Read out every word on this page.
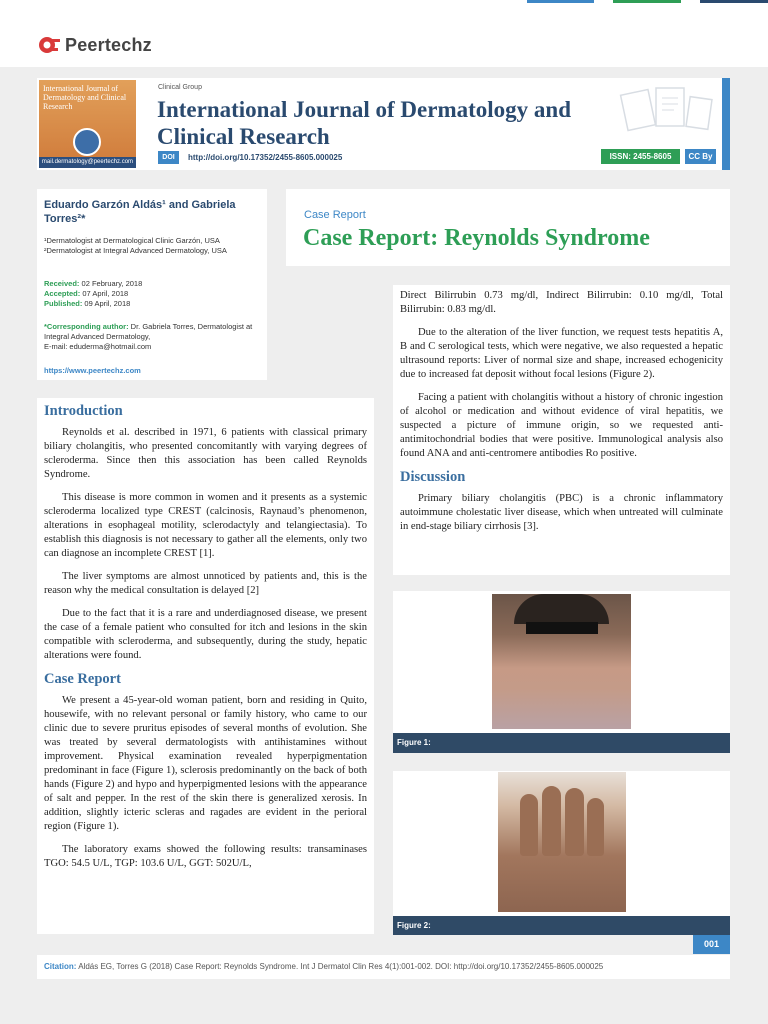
Peertechz
International Journal of Dermatology and Clinical Research
mail.dermatology@peertechz.com
Clinical Group
International Journal of Dermatology and Clinical Research
DOI	http://doi.org/10.17352/2455-8605.000025	ISSN: 2455-8605	CC By
Eduardo Garzón Aldás¹ and Gabriela Torres²*
¹Dermatologist at Dermatological Clinic Garzón, USA
²Dermatologist at Integral Advanced Dermatology, USA
Received: 02 February, 2018
Accepted: 07 April, 2018
Published: 09 April, 2018
*Corresponding author: Dr. Gabriela Torres, Dermatologist at Integral Advanced Dermatology,
E-mail: eduderma@hotmail.com
https://www.peertechz.com
Case Report
Case Report: Reynolds Syndrome
Introduction

Reynolds et al. described in 1971, 6 patients with classical primary biliary cholangitis, who presented concomitantly with varying degrees of scleroderma. Since then this association has been called Reynolds Syndrome.

This disease is more common in women and it presents as a systemic scleroderma localized type CREST (calcinosis, Raynaud’s phenomenon, alterations in esophageal motility, sclerodactyly and telangiectasia). To establish this diagnosis is not necessary to gather all the elements, only two can diagnose an incomplete CREST [1].

The liver symptoms are almost unnoticed by patients and, this is the reason why the medical consultation is delayed [2]

Due to the fact that it is a rare and underdiagnosed disease, we present the case of a female patient who consulted for itch and lesions in the skin compatible with scleroderma, and subsequently, during the study, hepatic alterations were found.

Case Report

We present a 45-year-old woman patient, born and residing in Quito, housewife, with no relevant personal or family history, who came to our clinic due to severe pruritus episodes of several months of evolution. She was treated by several dermatologists with antihistamines without improvement. Physical examination revealed hyperpigmentation predominant in face (Figure 1), sclerosis predominantly on the back of both hands (Figure 2) and hypo and hyperpigmented lesions with the appearance of salt and pepper. In the rest of the skin there is generalized xerosis. In addition, slightly icteric scleras and ragades are evident in the perioral region (Figure 1).

The laboratory exams showed the following results: transaminases TGO: 54.5 U/L, TGP: 103.6 U/L, GGT: 502U/L,

Direct Bilirrubin 0.73 mg/dl, Indirect Bilirrubin: 0.10 mg/dl, Total Bilirrubin: 0.83 mg/dl.

Due to the alteration of the liver function, we request tests hepatitis A, B and C serological tests, which were negative, we also requested a hepatic ultrasound reports: Liver of normal size and shape, increased echogenicity due to increased fat deposit without focal lesions (Figure 2).

Facing a patient with cholangitis without a history of chronic ingestion of alcohol or medication and without evidence of viral hepatitis, we suspected a picture of immune origin, so we requested anti-antimitochondrial bodies that were positive. Immunological analysis also found ANA and anti-centromere antibodies Ro positive.

Discussion

Primary biliary cholangitis (PBC) is a chronic inflammatory autoimmune cholestatic liver disease, which when untreated will culminate in end-stage biliary cirrhosis [3].

Figure 1:
Figure 2:
001
Citation: Aldás EG, Torres G (2018) Case Report: Reynolds Syndrome. Int J Dermatol Clin Res 4(1):001-002. DOI: http://doi.org/10.17352/2455-8605.000025
